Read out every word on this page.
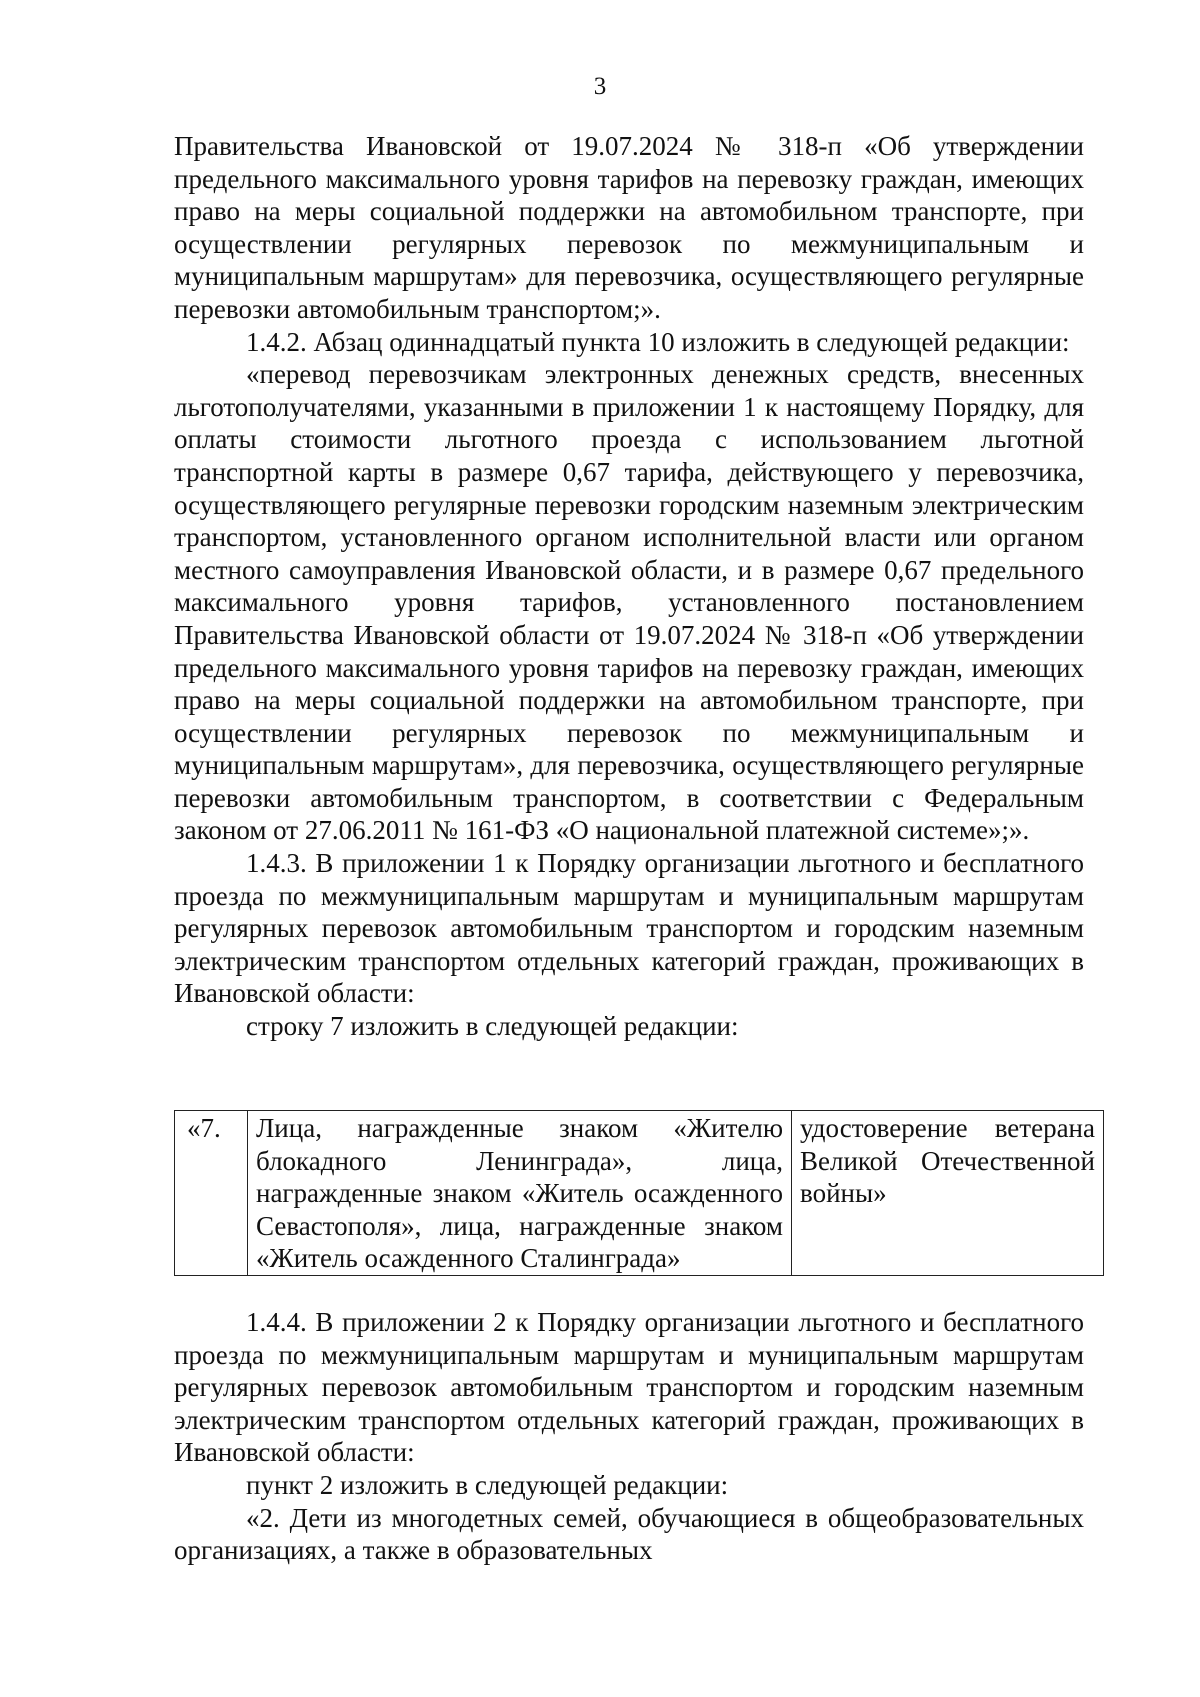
3

Правительства Ивановской от 19.07.2024 № 318-п «Об утверждении предельного максимального уровня тарифов на перевозку граждан, имеющих право на меры социальной поддержки на автомобильном транспорте, при осуществлении регулярных перевозок по межмуниципальным и муниципальным маршрутам» для перевозчика, осуществляющего регулярные перевозки автомобильным транспортом;».

1.4.2. Абзац одиннадцатый пункта 10 изложить в следующей редакции:

«перевод перевозчикам электронных денежных средств, внесенных льготополучателями, указанными в приложении 1 к настоящему Порядку, для оплаты стоимости льготного проезда с использованием льготной транспортной карты в размере 0,67 тарифа, действующего у перевозчика, осуществляющего регулярные перевозки городским наземным электрическим транспортом, установленного органом исполнительной власти или органом местного самоуправления Ивановской области, и в размере 0,67 предельного максимального уровня тарифов, установленного постановлением Правительства Ивановской области от 19.07.2024 № 318-п «Об утверждении предельного максимального уровня тарифов на перевозку граждан, имеющих право на меры социальной поддержки на автомобильном транспорте, при осуществлении регулярных перевозок по межмуниципальным и муниципальным маршрутам», для перевозчика, осуществляющего регулярные перевозки автомобильным транспортом, в соответствии с Федеральным законом от 27.06.2011 № 161-ФЗ «О национальной платежной системе»;».

1.4.3. В приложении 1 к Порядку организации льготного и бесплатного проезда по межмуниципальным маршрутам и муниципальным маршрутам регулярных перевозок автомобильным транспортом и городским наземным электрическим транспортом отдельных категорий граждан, проживающих в Ивановской области:

строку 7 изложить в следующей редакции:

«7.	Лица, награжденные знаком «Жителю блокадного Ленинграда», лица, награжденные знаком «Житель осажденного Севастополя», лица, награжденные знаком «Житель осажденного Сталинграда»	удостоверение ветерана Великой Отечественной войны»

1.4.4. В приложении 2 к Порядку организации льготного и бесплатного проезда по межмуниципальным маршрутам и муниципальным маршрутам регулярных перевозок автомобильным транспортом и городским наземным электрическим транспортом отдельных категорий граждан, проживающих в Ивановской области:

пункт 2 изложить в следующей редакции:

«2. Дети из многодетных семей, обучающиеся в общеобразовательных организациях, а также в образовательных
